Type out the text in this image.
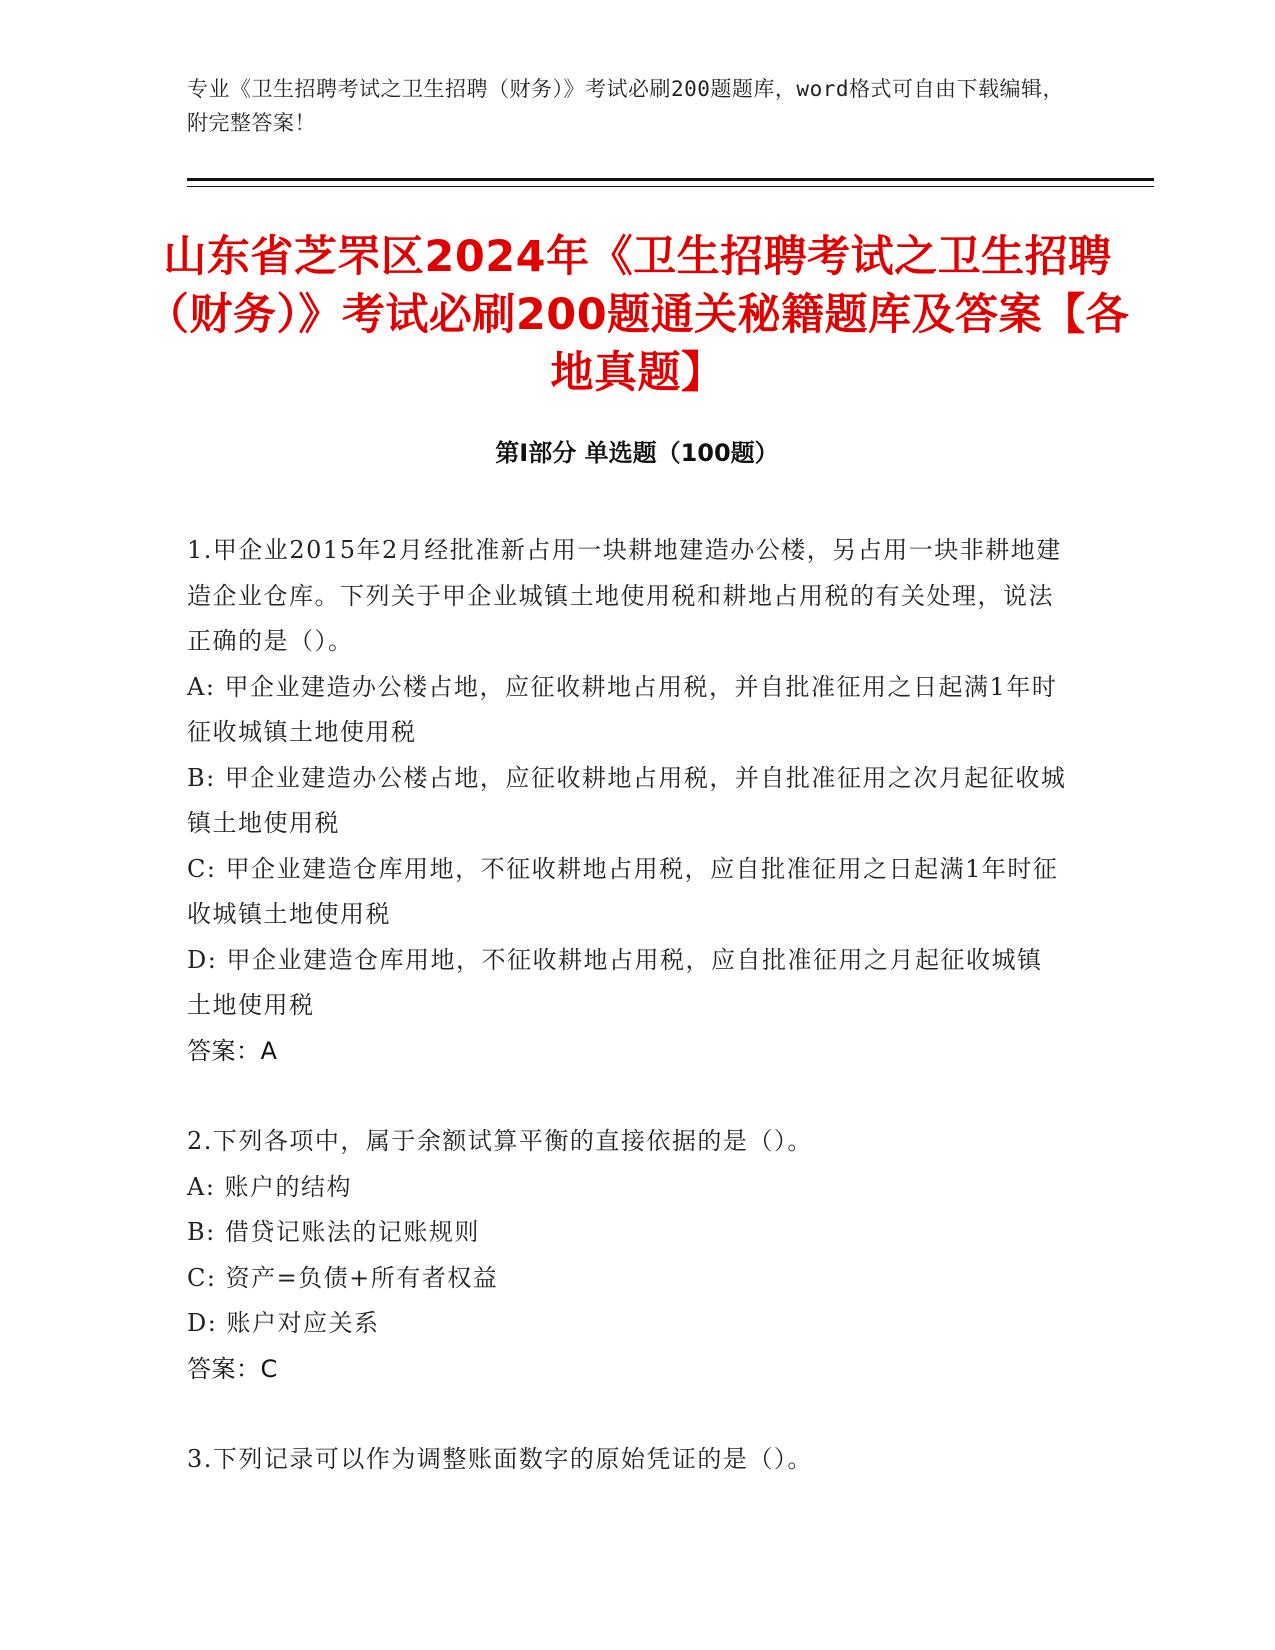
专业《卫生招聘考试之卫生招聘（财务）》考试必刷200题题库，word格式可自由下载编辑，附完整答案！
山东省芝罘区2024年《卫生招聘考试之卫生招聘（财务）》考试必刷200题通关秘籍题库及答案【各地真题】
第Ⅰ部分 单选题（100题）

1.甲企业2015年2月经批准新占用一块耕地建造办公楼，另占用一块非耕地建造企业仓库。下列关于甲企业城镇土地使用税和耕地占用税的有关处理，说法正确的是（）。

A: 甲企业建造办公楼占地，应征收耕地占用税，并自批准征用之日起满1年时征收城镇土地使用税

B: 甲企业建造办公楼占地，应征收耕地占用税，并自批准征用之次月起征收城镇土地使用税

C: 甲企业建造仓库用地，不征收耕地占用税，应自批准征用之日起满1年时征收城镇土地使用税

D: 甲企业建造仓库用地，不征收耕地占用税，应自批准征用之月起征收城镇土地使用税

答案：A

2.下列各项中，属于余额试算平衡的直接依据的是（）。

A: 账户的结构

B: 借贷记账法的记账规则

C: 资产=负债+所有者权益

D: 账户对应关系

答案：C

3.下列记录可以作为调整账面数字的原始凭证的是（）。
